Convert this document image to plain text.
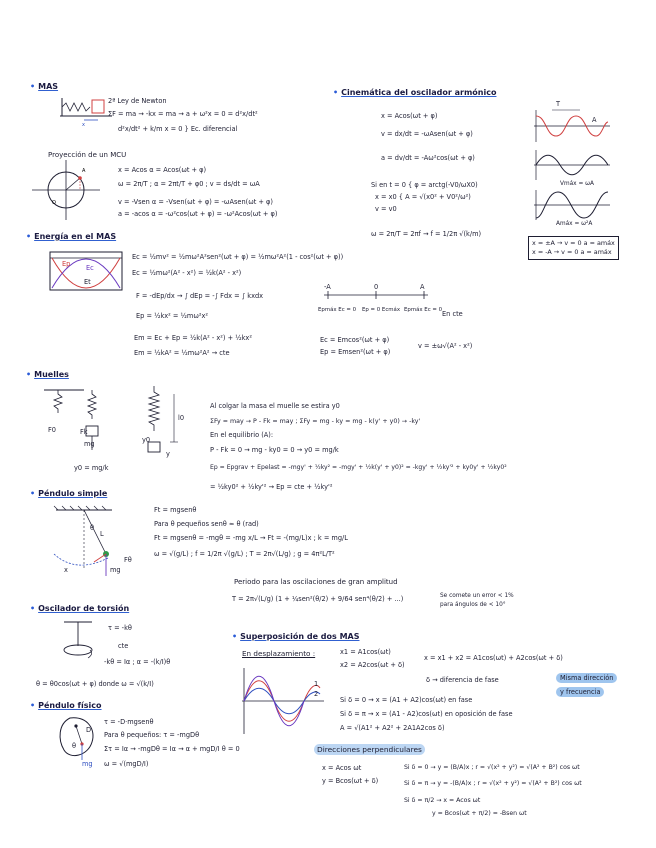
• MAS
x
2ª Ley de Newton
ΣF = ma → -kx = ma → a + ω²x = 0 = d²x/dt²
d²x/dt² + k/m x = 0 } Ec. diferencial
Proyección de un MCU
O
A	x = Acos α = Acos(ωt + φ)
ω = 2π/T ; α = 2πt/T + φ0 ; v = ds/dt = ωA
v = -Vsen α = -Vsen(ωt + φ) = -ωAsen(ωt + φ)
a = -acos α = -ω²cos(ωt + φ) = -ω²Acos(ωt + φ)
• Cinemática del oscilador armónico
x = Acos(ωt + φ)
v = dx/dt = -ωAsen(ωt + φ)
a = dv/dt = -Aω²cos(ωt + φ)
Si en t = 0 { φ = arctg(-V0/ωX0)
x = x0 { A = √(x0² + V0²/ω²)
v = v0
ω = 2π/T = 2πf → f = 1/2π √(k/m)
T
A
Vmáx = ωA
Amáx = ω²A
x = ±A → v = 0 a = amáx
x = -A → v = 0 a = amáx
• Energía en el MAS
Ep Ec
Et
Ec = ½mv² = ½mω²A²sen²(ωt + φ) = ½mω²A²(1 - cos²(ωt + φ))
Ec = ½mω²(A² - x²) = ½k(A² - x²)
F = -dEp/dx → ∫ dEp = -∫ Fdx = ∫ kxdx
Ep = ½kx² = ½mω²x²
Em = Ec + Ep = ½k(A² - x²) + ½kx²
Em = ½kA² = ½mω²A² → cte
-A	0	A
Epmáx Ec = 0 Ep = 0 Ecmáx Epmáx Ec = 0 En cte
Ec = Emcos²(ωt + φ)
Ep = Emsen²(ωt + φ)
v = ±ω√(A² - x²)
• Muelles
F0	Fk
mg	y0
y
l0
y0 = mg/k
Al colgar la masa el muelle se estira y0
ΣFy = may → P - Fk = may ; ΣFy = mg - ky = mg - k(y' + y0) → -ky'
En el equilibrio (A):
P - Fk = 0 → mg - ky0 = 0 → y0 = mg/k
Ep = Epgrav + Epelast = -mgy' + ½ky² = -mgy' + ½k(y' + y0)² = -kgy' + ½ky'² + ky0y' + ½ky0²
= ½ky0² + ½ky'² → Ep = cte + ½ky'²
• Péndulo simple
θ
L
mg
Fθ
x
Ft = mgsenθ
Para θ pequeños senθ ≈ θ (rad)
Ft = mgsenθ = -mgθ = -mg x/L → Ft = -(mg/L)x ; k = mg/L
ω = √(g/L) ; f = 1/2π √(g/L) ; T = 2π√(L/g) ; g = 4π²L/T²
Periodo para las oscilaciones de gran amplitud
T = 2π√(L/g) (1 + ¼sen²(θ/2) + 9/64 sen⁴(θ/2) + ...)	Se comete un error < 1%
para ángulos de < 10°
• Oscilador de torsión
τ = -kθ
cte
-kθ = Iα ; α = -(k/I)θ
θ = θ0cos(ωt + φ) donde ω = √(k/I)
• Péndulo físico
D
mg
θ
τ = -D·mgsenθ
Para θ pequeños: τ = -mgDθ
Στ = Iα → -mgDθ = Iα → α + mgD/I θ = 0
ω = √(mgD/I)
• Superposición de dos MAS
En desplazamiento :	x1 = A1cos(ωt)
x2 = A2cos(ωt + δ)
x = x1 + x2 = A1cos(ωt) + A2cos(ωt + δ)
δ → diferencia de fase	Misma dirección
y frecuencia
Si δ = 0 → x = (A1 + A2)cos(ωt) en fase
Si δ = π → x = (A1 - A2)cos(ωt) en oposición de fase
A = √(A1² + A2² + 2A1A2cos δ)
1
2
Direcciones perpendiculares
x = Acos ωt
y = Bcos(ωt + δ)
Si δ = 0 → y = (B/A)x ; r = √(x² + y²) = √(A² + B²) cos ωt
Si δ = π → y = -(B/A)x ; r = √(x² + y²) = √(A² + B²) cos ωt
Si δ = π/2 → x = Acos ωt
y = Bcos(ωt + π/2) = -Bsen ωt
